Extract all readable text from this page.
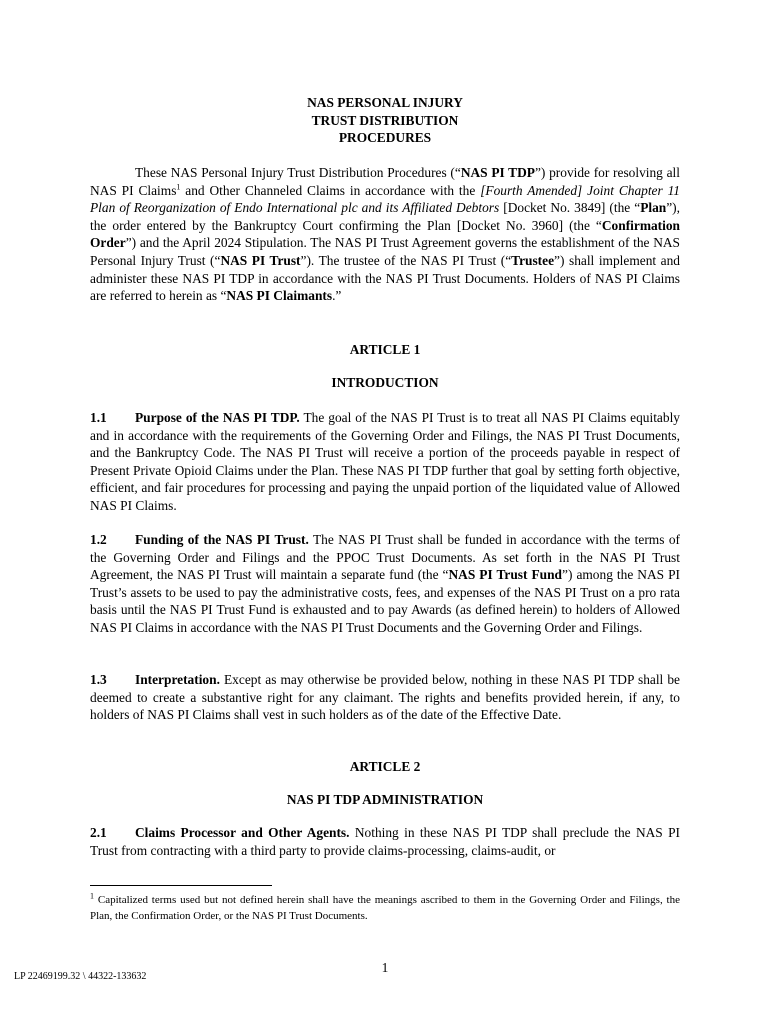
NAS PERSONAL INJURY
TRUST DISTRIBUTION
PROCEDURES
These NAS Personal Injury Trust Distribution Procedures (“NAS PI TDP”) provide for resolving all NAS PI Claims$^1$ and Other Channeled Claims in accordance with the [Fourth Amended] Joint Chapter 11 Plan of Reorganization of Endo International plc and its Affiliated Debtors [Docket No. 3849] (the “Plan”), the order entered by the Bankruptcy Court confirming the Plan [Docket No. 3960] (the “Confirmation Order”) and the April 2024 Stipulation. The NAS PI Trust Agreement governs the establishment of the NAS Personal Injury Trust (“NAS PI Trust”). The trustee of the NAS PI Trust (“Trustee”) shall implement and administer these NAS PI TDP in accordance with the NAS PI Trust Documents. Holders of NAS PI Claims are referred to herein as “NAS PI Claimants.”
ARTICLE 1
INTRODUCTION
1.1 Purpose of the NAS PI TDP. The goal of the NAS PI Trust is to treat all NAS PI Claims equitably and in accordance with the requirements of the Governing Order and Filings, the NAS PI Trust Documents, and the Bankruptcy Code. The NAS PI Trust will receive a portion of the proceeds payable in respect of Present Private Opioid Claims under the Plan. These NAS PI TDP further that goal by setting forth objective, efficient, and fair procedures for processing and paying the unpaid portion of the liquidated value of Allowed NAS PI Claims.
1.2 Funding of the NAS PI Trust. The NAS PI Trust shall be funded in accordance with the terms of the Governing Order and Filings and the PPOC Trust Documents. As set forth in the NAS PI Trust Agreement, the NAS PI Trust will maintain a separate fund (the “NAS PI Trust Fund”) among the NAS PI Trust’s assets to be used to pay the administrative costs, fees, and expenses of the NAS PI Trust on a pro rata basis until the NAS PI Trust Fund is exhausted and to pay Awards (as defined herein) to holders of Allowed NAS PI Claims in accordance with the NAS PI Trust Documents and the Governing Order and Filings.
1.3 Interpretation. Except as may otherwise be provided below, nothing in these NAS PI TDP shall be deemed to create a substantive right for any claimant. The rights and benefits provided herein, if any, to holders of NAS PI Claims shall vest in such holders as of the date of the Effective Date.
ARTICLE 2
NAS PI TDP ADMINISTRATION
2.1 Claims Processor and Other Agents. Nothing in these NAS PI TDP shall preclude the NAS PI Trust from contracting with a third party to provide claims-processing, claims-audit, or
$^1$ Capitalized terms used but not defined herein shall have the meanings ascribed to them in the Governing Order and Filings, the Plan, the Confirmation Order, or the NAS PI Trust Documents.
1
LP 22469199.32 \ 44322-133632
